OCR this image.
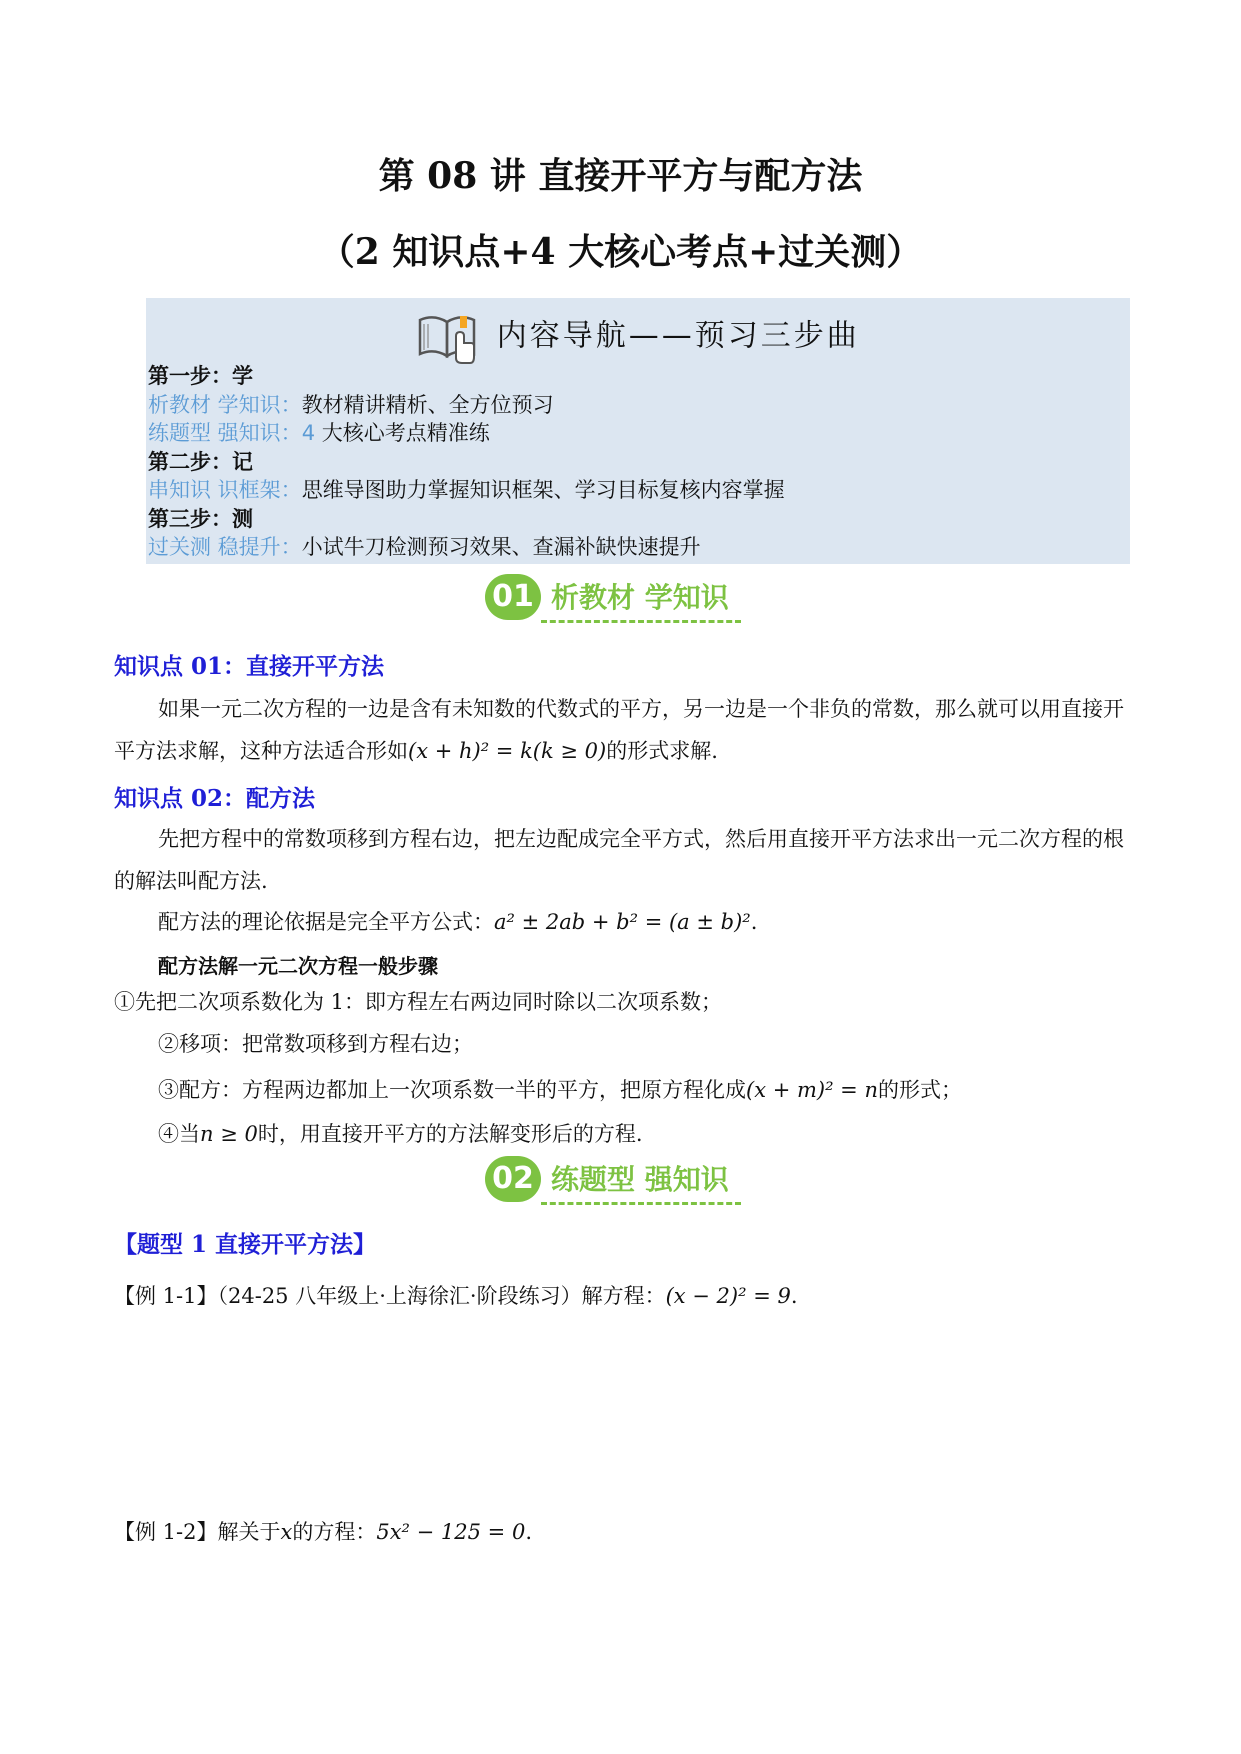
第 08 讲 直接开平方与配方法
（2 知识点+4 大核心考点+过关测）
内容导航——预习三步曲
第一步：学
析教材 学知识：教材精讲精析、全方位预习
练题型 强知识：4 大核心考点精准练
第二步：记
串知识 识框架：思维导图助力掌握知识框架、学习目标复核内容掌握
第三步：测
过关测 稳提升：小试牛刀检测预习效果、查漏补缺快速提升
01 析教材 学知识
知识点 01：直接开平方法
如果一元二次方程的一边是含有未知数的代数式的平方，另一边是一个非负的常数，那么就可以用直接开平方法求解，这种方法适合形如(x + h)² = k(k ≥ 0)的形式求解.
知识点 02：配方法
先把方程中的常数项移到方程右边，把左边配成完全平方式，然后用直接开平方法求出一元二次方程的根的解法叫配方法.
配方法的理论依据是完全平方公式：a² ± 2ab + b² = (a ± b)².
配方法解一元二次方程一般步骤
①先把二次项系数化为 1：即方程左右两边同时除以二次项系数；
②移项：把常数项移到方程右边；
③配方：方程两边都加上一次项系数一半的平方，把原方程化成(x + m)² = n的形式；
④当n ≥ 0时，用直接开平方的方法解变形后的方程.
02 练题型 强知识
【题型 1 直接开平方法】
【例 1-1】（24-25 八年级上·上海徐汇·阶段练习）解方程：(x − 2)² = 9.
【例 1-2】解关于x的方程：5x² − 125 = 0.
